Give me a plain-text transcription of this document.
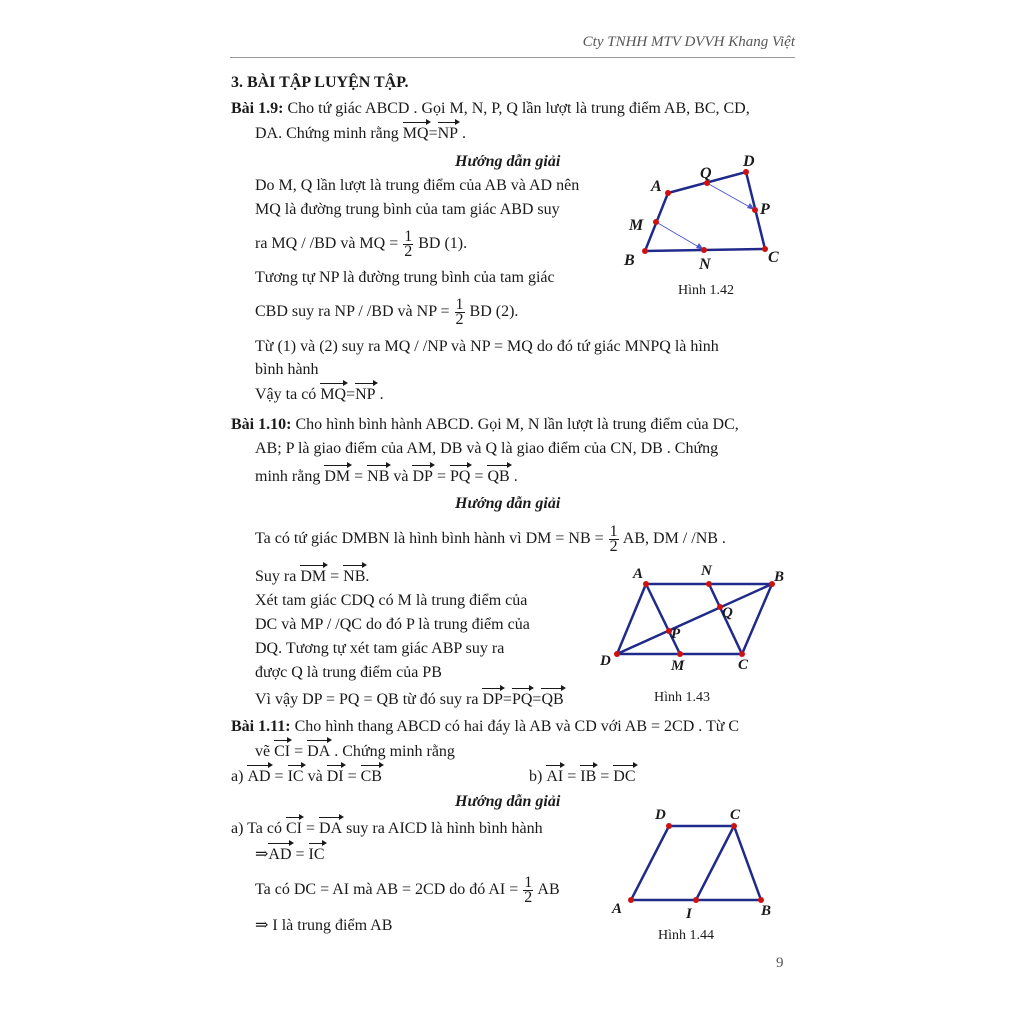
Cty TNHH MTV DVVH Khang Việt
3. BÀI TẬP LUYỆN TẬP.
Bài 1.9: Cho tứ giác ABCD . Gọi M, N, P, Q lần lượt là trung điểm AB, BC, CD,
DA. Chứng minh rằng MQ=NP .
Hướng dẫn giải
Do M, Q lần lượt là trung điểm của AB và AD nên
MQ là đường trung bình của tam giác ABD suy
ra MQ / /BD và MQ = $\frac{1}{2}$ BD (1).
Tương tự NP là đường trung bình của tam giác
CBD suy ra NP / /BD và NP = $\frac{1}{2}$ BD (2).
Từ (1) và (2) suy ra MQ / /NP và NP = MQ do đó tứ giác MNPQ là hình
bình hành
Vậy ta có MQ=NP .
A
Q
D
P
M
B	N	C
Hình 1.42
Bài 1.10: Cho hình bình hành ABCD. Gọi M, N lần lượt là trung điểm của DC,
AB; P là giao điểm của AM, DB và Q là giao điểm của CN, DB . Chứng
minh rằng DM = NB và DP = PQ = QB .
Hướng dẫn giải
Ta có tứ giác DMBN là hình bình hành vì DM = NB = $\frac{1}{2}$ AB, DM / /NB .
Suy ra DM = NB.
Xét tam giác CDQ có M là trung điểm của
DC và MP / /QC do đó P là trung điểm của
DQ. Tương tự xét tam giác ABP suy ra
được Q là trung điểm của PB
Vì vậy DP = PQ = QB từ đó suy ra DP=PQ=QB
A	N	B
Q
P
D	M	C
Hình 1.43
Bài 1.11: Cho hình thang ABCD có hai đáy là AB và CD với AB = 2CD . Từ C
vẽ CI = DA . Chứng minh rằng
a) AD = IC và DI = CB	b) AI = IB = DC
Hướng dẫn giải
a) Ta có CI = DA suy ra AICD là hình bình hành
⇒AD = IC
Ta có DC = AI mà AB = 2CD do đó AI = $\frac{1}{2}$ AB
⇒ I là trung điểm AB
D	C
A	I	B
Hình 1.44
9
